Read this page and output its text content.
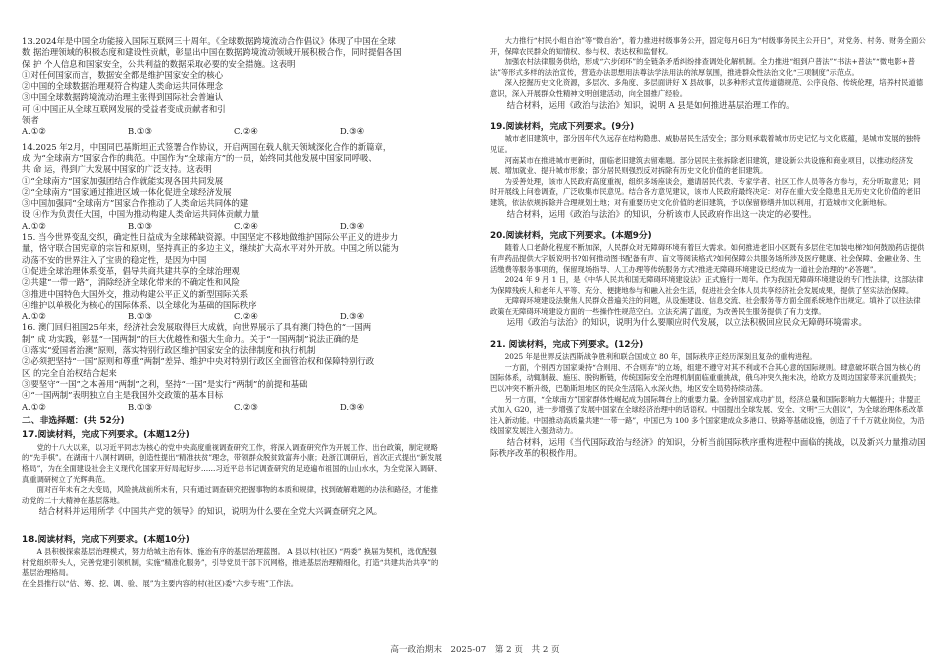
13.2024年是中国全功能接入国际互联网三十周年。《全球数据跨境流动合作倡议》体现了中国在全球

数 据治理领域的积极态度和建设性贡献，彰显出中国在数据跨境流动领域开展积极合作，同时提倡各国

保 护 个人信息和国家安全，公共利益的数据采取必要的安全措施。这表明

①对任何国家而言，数据安全都是维护国家安全的核心

②中国的全球数据治理观符合构建人类命运共同体理念

③中国全球数据跨境流动治理主张得到国际社会普遍认

可 ④中国正从全球互联网发展的受益者变成贡献者和引

领者

A.①②	B.①③	C.②④	D.③④

14.2025 年2月，中国同巴基斯坦正式签署合作协议，开启两国在载人航天领域深化合作的新篇章，

成 为“全球南方”国家合作的典范。中国作为“全球南方”的一员，始终同其他发展中国家同呼吸、

共 命 运，得到广大发展中国家的广泛支持。这表明

①“全球南方”国家加强团结合作就能实现各国共同发展

②“全球南方”国家通过推进区域一体化促进全球经济发展

③中国加强同“全球南方”国家合作推动了人类命运共同体的建

设 ④作为负责任大国，中国为推动构建人类命运共同体贡献力量

A.①②	B.①③	C.②④	D.③④

15. 当今世界变乱交织，确定性日益成为全球稀缺资源。中国坚定不移地做维护国际公平正义的进步力

量，恪守联合国宪章的宗旨和原则，坚持真正的多边主义，继续扩大高水平对外开放。中国之所以能为

动荡不安的世界注入了宝贵的稳定性，是因为中国

①促进全球治理体系变革，倡导共商共建共享的全球治理观

②共建“一带一路”，消除经济全球化带来的不确定性和风险

③推进中国特色大国外交，推动构建公平正义的新型国际关系

④维护以单极化为核心的国际体系、以全球化为基础的国际秩序

A.①②	B.①③	C.②④	D.③④

16. 澳门回归祖国25年来，经济社会发展取得巨大成就，向世界展示了具有澳门特色的“一国两

制” 成 功实践，彰显“一国两制”的巨大优越性和强大生命力。关于“一国两制”说法正确的是

①落实“爱国者治澳”原则，落实特别行政区维护国家安全的法律制度和执行机制

②必须把坚持“一国”原则和尊重“两制”差异、维护中央对特别行政区全面管治权和保障特别行政

区 的完全自治权结合起来

③要坚守“一国”之本善用“两制”之利，坚持“一国”是实行“两制”的前提和基础

④“一国两制”表明独立自主是我国外交政策的基本目标

A.①②	B.①③	C.②③	D.③④
二、非选择题：(共 52分)
17.阅读材料，完成下列要求。(本题12分)

党的十八大以来，以习近平同志为核心的党中央高度重视调查研究工作，将深入调查研究作为开展工作、出台政策，制定规略的“先手棋”。在湖南十八洞村调研，创造性提出“精准扶贫”理念，带领群众脱贫致富奔小康；赴浙江调研后，首次正式提出“新发展格局”，为在全面建设社会主义现代化国家开好局起好步……习近平总书记调查研究的足迹遍布祖国的山山水水，为全党深入调研、真重调研树立了光辉典范。

面对百年未有之大变局，风险挑战前所未有，只有通过调查研究把握事物的本质和规律，找到破解难题的办法和路径，才能推动党的二十大精神在基层落地。

结合材料并运用所学《中国共产党的领导》的知识，说明为什么要在全党大兴调查研究之风。

18.阅读材料，完成下列要求。(本题10分)

A 县积极探索基层治理模式，努力给城主治有体、施治有序的基层治理蓝图。 A 县以村(社区) “两委” 换届为契机，选优配强村党组织带头人，完善党建引领机制，实施“精准化服务”，引导党员干部下沉网格，推进基层治理精细化，打造“共建共治共享”的基层治理格局。

在全县推行以“估、筹、挖、调、验、展”为主要内容的村(社区)委“六步专班”工作法。

大力推行“村民小组自治”等“微自治”，着力推进村级事务公开，固定每月6日为“村级事务民主公开日”，对党务、村务、财务全面公开，保障农民群众的知情权、参与权、表达权和监督权。

加强农村法律服务供给，形成“六步闭环”的全链条矛盾纠纷排查调处化解机制。全力推进“组到户普法”“书法+普法”“微电影+普法”等形式多样的法治宣传，营造办法思想用法尊法学法用法的浓厚氛围，推进群众性法治文化“三项制度”示范点。

深入挖掘历史文化资源，多层次、多角度、多层面讲好 X 县故事，以多种形式宣传道德规范、公序良俗、传统伦理，培养村民道德意识，深入开展群众性精神文明创建活动，向全国推广经验。

结合材料，运用《政治与法治》知识，说明 A 县是如何推进基层治理工作的。

19.阅读材料，完成下列要求。(9分)

城市老旧建筑中，部分因年代久远存在结构隐患、威胁居民生活安全；部分则承载着城市历史记忆与文化底蕴，是城市发展的独特见证。

河南某市在推进城市更新时，面临老旧建筑去留难题。部分居民主张拆除老旧建筑，建设新公共设施和商业项目，以推动经济发展、增加就业、提升城市形象；部分居民则强烈反对拆除有历史文化价值的老旧建筑。

为妥善处理，该市人民政府高度重视，组织多场座谈会，邀请居民代表、专家学者、社区工作人员等各方参与，充分听取意见；同时开展线上问卷调查，广泛收集市民意见。结合各方意见建议，该市人民政府最终决定：对存在重大安全隐患且无历史文化价值的老旧建筑，依法依规拆除并合理规划土地；对有重要历史文化价值的老旧建筑，予以保留修缮并加以利用，打造城市文化新地标。

结合材料，运用《政治与法治》的知识，分析该市人民政府作出这一决定的必要性。

20.阅读材料，完成下列要求。(本题9分)

随着人口老龄化程度不断加深，人民群众对无障碍环境有着巨大需求。如何推进老旧小区既有多层住宅加装电梯?如何鼓励药店提供有声药品提供大字版说明书?如何推动图书配备有声、盲文等阅读格式?如何保障公共服务场所涉及医疗健康、社会保障、金融业务、生活缴费等服务事项的，保留现场指导、人工办理等传统服务方式?推进无障碍环境建设已经成为一道社会治理的“必答题”。

2024 年 9 月 1 日，是《中华人民共和国无障碍环境建设法》正式施行一周年。作为我国无障碍环境建设的专门性法律，这部法律为保障残疾人和老年人平等、充分、便捷地参与和融入社会生活，促进社会全体人员共享经济社会发展成果，提供了坚实法治保障。

无障碍环境建设法聚焦人民群众普遍关注的问题，从设施建设、信息交流、社会服务等方面全面系统地作出规定。填补了以往法律政策在无障碍环境建设方面的一些操作性规范空白。立法充满了温度，为改善民生服务提供了有力支撑。

运用《政治与法治》的知识，说明为什么要顺应时代发展，以立法积极回应民众无障碍环境需求。

21. 阅读材料，完成下列要求。(12分)

2025 年是世界反法西斯战争胜利和联合国成立 80 年，国际秩序正经历深刻且复杂的重构进程。

一方面，个别西方国家秉持“合则用、不合则弃”的立场，组建不遵守对其不利或不合其心意的国际规则。肆意破坏联合国为核心的国际体系，动辄制裁、施压、脱钩断链，传统国际安全治理机制面临重重挑战，俄乌冲突久拖未决，给欧方及周边国家带来沉重损失；巴以冲突不断升级，巴勒斯坦地区的民众生活陷入水深火热，地区安全局势持续动荡。

另一方面，“全球南方”国家群体性崛起成为国际舞台上的重要力量。金砖国家成功扩员，经济总量和国际影响力大幅提升；非盟正式加入 G20，进一步增强了发展中国家在全球经济治理中的话语权。中国提出全球发展、安全、文明“三大倡议”，为全球治理体系改革注入新动能。中国推动高质量共建“一带一路”，中国已为 100 多个国家建成众多港口、铁路等基础设施，创造了千千万就业岗位，为沿线国家发展注入强劲动力。

结合材料，运用《当代国际政治与经济》的知识，分析当前国际秩序重构进程中面临的挑战，以及新兴力量推动国际秩序改革的积极作用。

高一政治期末　2025-07　第 2 页　共 2 页
